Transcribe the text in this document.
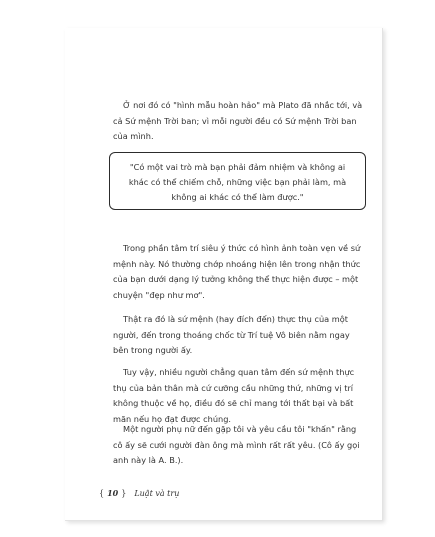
Ở nơi đó có "hình mẫu hoàn hảo" mà Plato đã nhắc tới, và cả Sứ mệnh Trời ban; vì mỗi người đều có Sứ mệnh Trời ban của mình.

"Có một vai trò mà bạn phải đảm nhiệm và không ai khác có thể chiếm chỗ, những việc bạn phải làm, mà không ai khác có thể làm được."

Trong phần tâm trí siêu ý thức có hình ảnh toàn vẹn về sứ mệnh này. Nó thường chớp nhoáng hiện lên trong nhận thức của bạn dưới dạng lý tưởng không thể thực hiện được – một chuyện "đẹp như mơ".

Thật ra đó là sứ mệnh (hay đích đến) thực thụ của một người, đến trong thoáng chốc từ Trí tuệ Vô biên nằm ngay bên trong người ấy.

Tuy vậy, nhiều người chẳng quan tâm đến sứ mệnh thực thụ của bản thân mà cứ cưỡng cầu những thứ, những vị trí không thuộc về họ, điều đó sẽ chỉ mang tới thất bại và bất mãn nếu họ đạt được chúng.

Một người phụ nữ đến gặp tôi và yêu cầu tôi "khấn" rằng cô ấy sẽ cưới người đàn ông mà mình rất rất yêu. (Cô ấy gọi anh này là A. B.).

{ 10 } Luật và trụ
